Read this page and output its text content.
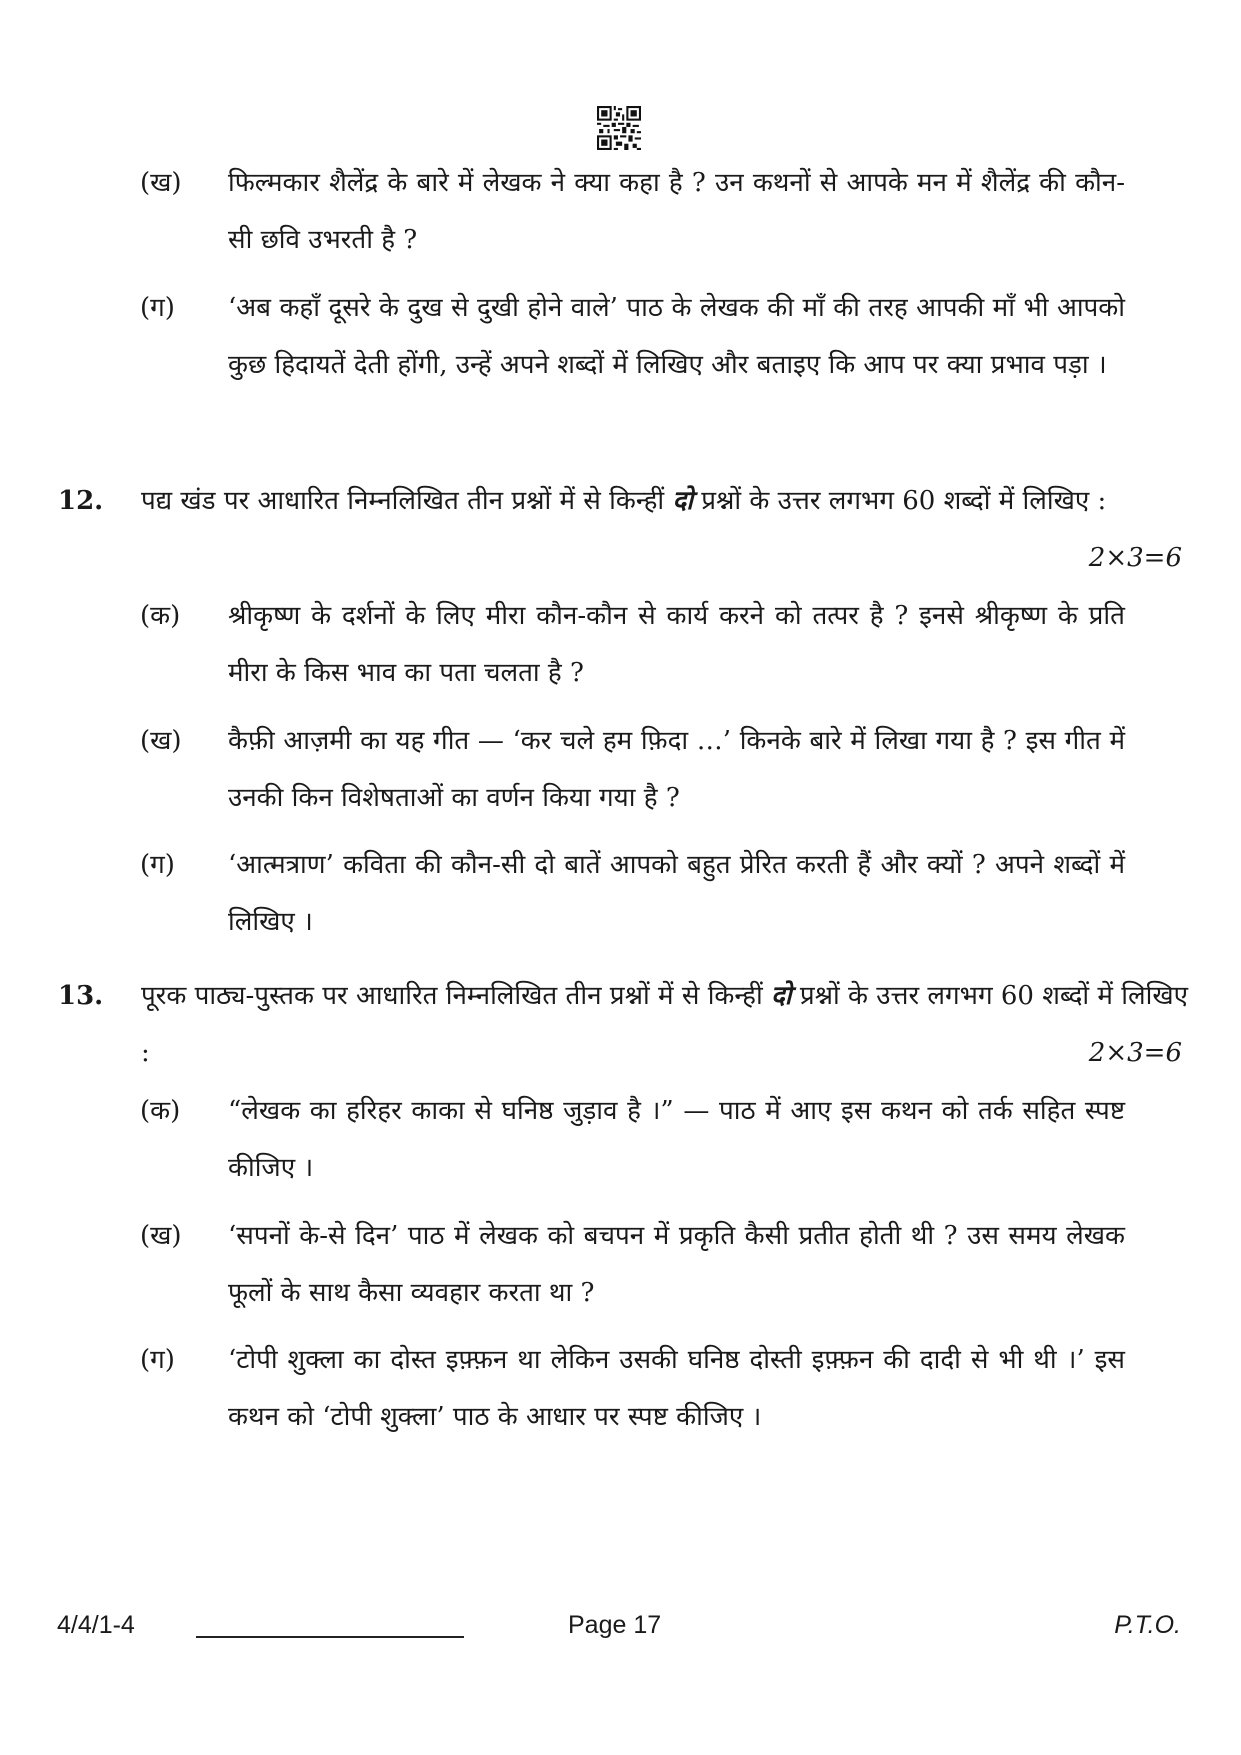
(ख) फिल्मकार शैलेंद्र के बारे में लेखक ने क्या कहा है ? उन कथनों से आपके मन में शैलेंद्र की कौन-सी छवि उभरती है ?
(ग) ‘अब कहाँ दूसरे के दुख से दुखी होने वाले’ पाठ के लेखक की माँ की तरह आपकी माँ भी आपको कुछ हिदायतें देती होंगी, उन्हें अपने शब्दों में लिखिए और बताइए कि आप पर क्या प्रभाव पड़ा ।
12. पद्य खंड पर आधारित निम्नलिखित तीन प्रश्नों में से किन्हीं दो प्रश्नों के उत्तर लगभग 60 शब्दों में लिखिए :
2×3=6
(क) श्रीकृष्ण के दर्शनों के लिए मीरा कौन-कौन से कार्य करने को तत्पर है ? इनसे श्रीकृष्ण के प्रति मीरा के किस भाव का पता चलता है ?
(ख) कैफ़ी आज़मी का यह गीत — ‘कर चले हम फ़िदा …’ किनके बारे में लिखा गया है ? इस गीत में उनकी किन विशेषताओं का वर्णन किया गया है ?
(ग) ‘आत्मत्राण’ कविता की कौन-सी दो बातें आपको बहुत प्रेरित करती हैं और क्यों ? अपने शब्दों में लिखिए ।
13. पूरक पाठ्य-पुस्तक पर आधारित निम्नलिखित तीन प्रश्नों में से किन्हीं दो प्रश्नों के उत्तर लगभग 60 शब्दों में लिखिए :	2×3=6
(क) “लेखक का हरिहर काका से घनिष्ठ जुड़ाव है ।” — पाठ में आए इस कथन को तर्क सहित स्पष्ट कीजिए ।
(ख) ‘सपनों के-से दिन’ पाठ में लेखक को बचपन में प्रकृति कैसी प्रतीत होती थी ? उस समय लेखक फूलों के साथ कैसा व्यवहार करता था ?
(ग) ‘टोपी शुक्ला का दोस्त इफ़्फ़न था लेकिन उसकी घनिष्ठ दोस्ती इफ़्फ़न की दादी से भी थी ।’ इस कथन को ‘टोपी शुक्ला’ पाठ के आधार पर स्पष्ट कीजिए ।
4/4/1-4	Page 17	P.T.O.
